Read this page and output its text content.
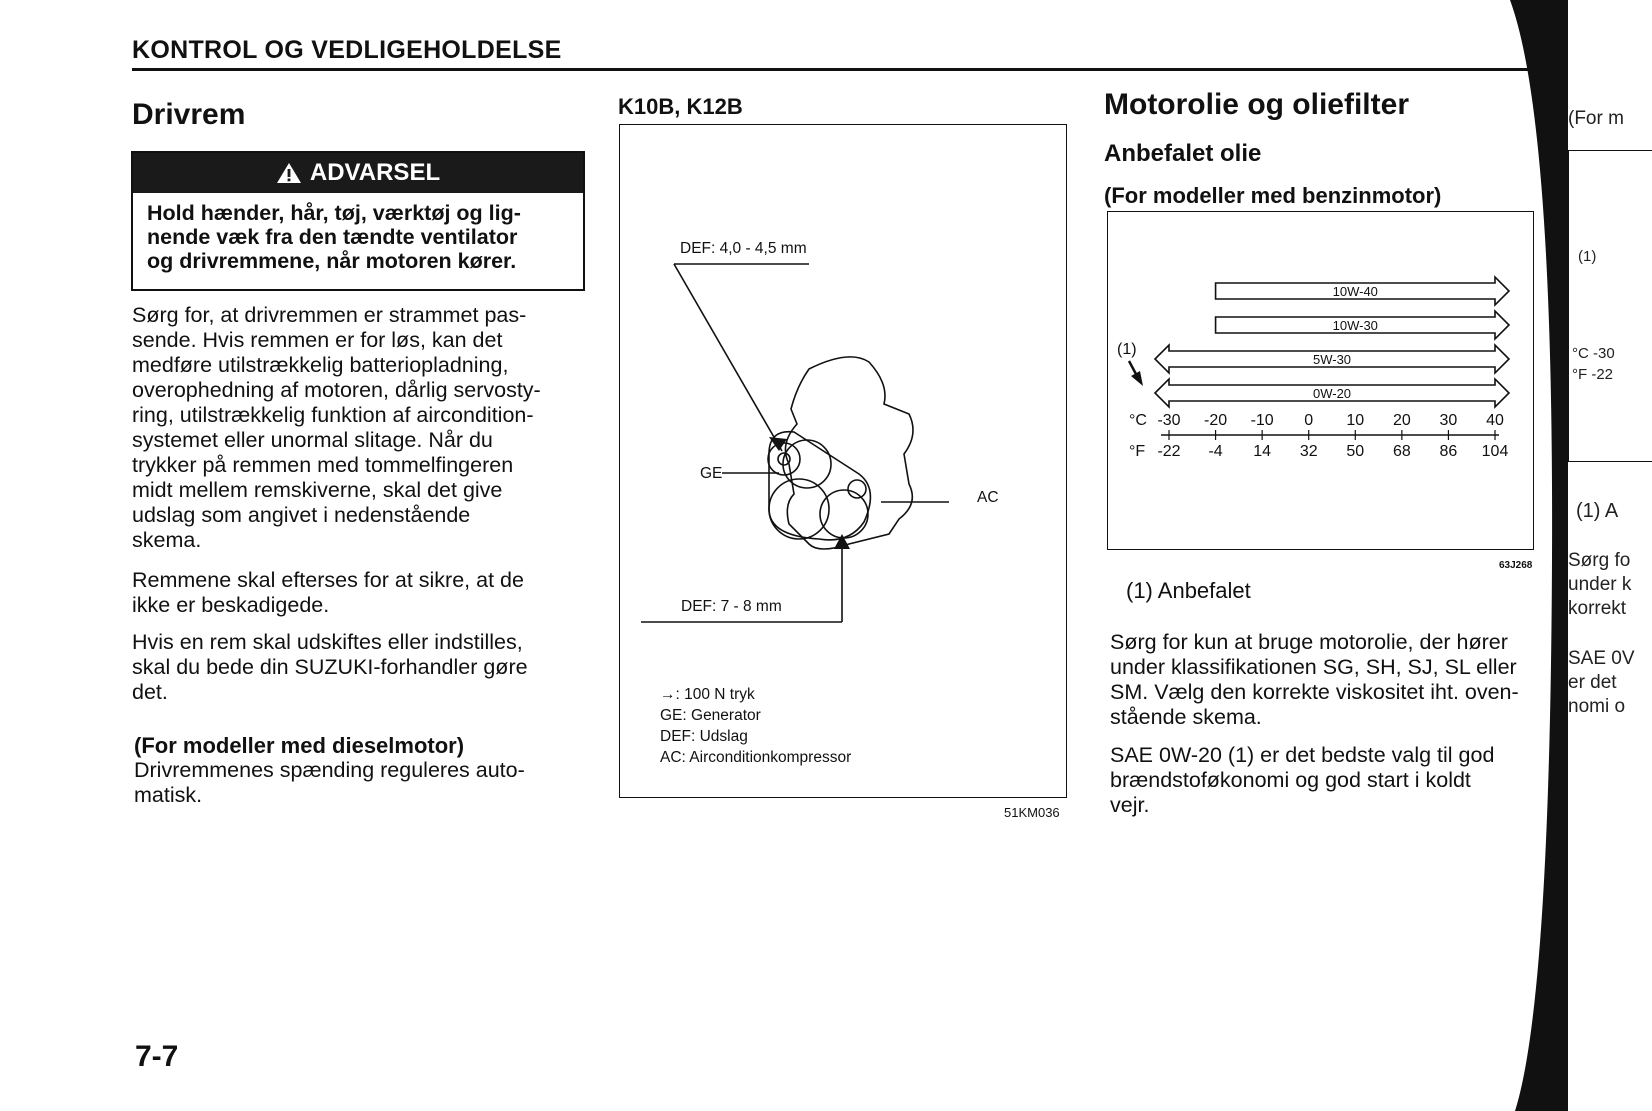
KONTROL OG VEDLIGEHOLDELSE
Drivrem
ADVARSEL
Hold hænder, hår, tøj, værktøj og lig-
nende væk fra den tændte ventilator
og drivremmene, når motoren kører.
Sørg for, at drivremmen er strammet pas-
sende. Hvis remmen er for løs, kan det
medføre utilstrækkelig batteriopladning,
overophedning af motoren, dårlig servosty-
ring, utilstrækkelig funktion af aircondition-
systemet eller unormal slitage. Når du
trykker på remmen med tommelfingeren
midt mellem remskiverne, skal det give
udslag som angivet i nedenstående
skema.
Remmene skal efterses for at sikre, at de
ikke er beskadigede.
Hvis en rem skal udskiftes eller indstilles,
skal du bede din SUZUKI-forhandler gøre
det.
(For modeller med dieselmotor)
Drivremmenes spænding reguleres auto-
matisk.
K10B, K12B
DEF: 4,0 - 4,5 mm
GE
AC
DEF: 7 - 8 mm
→: 100 N tryk
GE: Generator
DEF: Udslag
AC: Airconditionkompressor
51KM036
Motorolie og oliefilter
Anbefalet olie
(For modeller med benzinmotor)
10W-40
10W-30
5W-30
0W-20
-30
-22
-20
-4
-10
14
0
32
10
50
20
68
30
86
40
104
°C
°F
(1)
63J268
(1) Anbefalet
Sørg for kun at bruge motorolie, der hører
under klassifikationen SG, SH, SJ, SL eller
SM. Vælg den korrekte viskositet iht. oven-
stående skema.
SAE 0W-20 (1) er det bedste valg til god
brændstoføkonomi og god start i koldt
vejr.
7-7
(For m
(1)
°C -30
°F -22
(1) A
Sørg fo
under k
korrekt
SAE 0V
er det
nomi o
